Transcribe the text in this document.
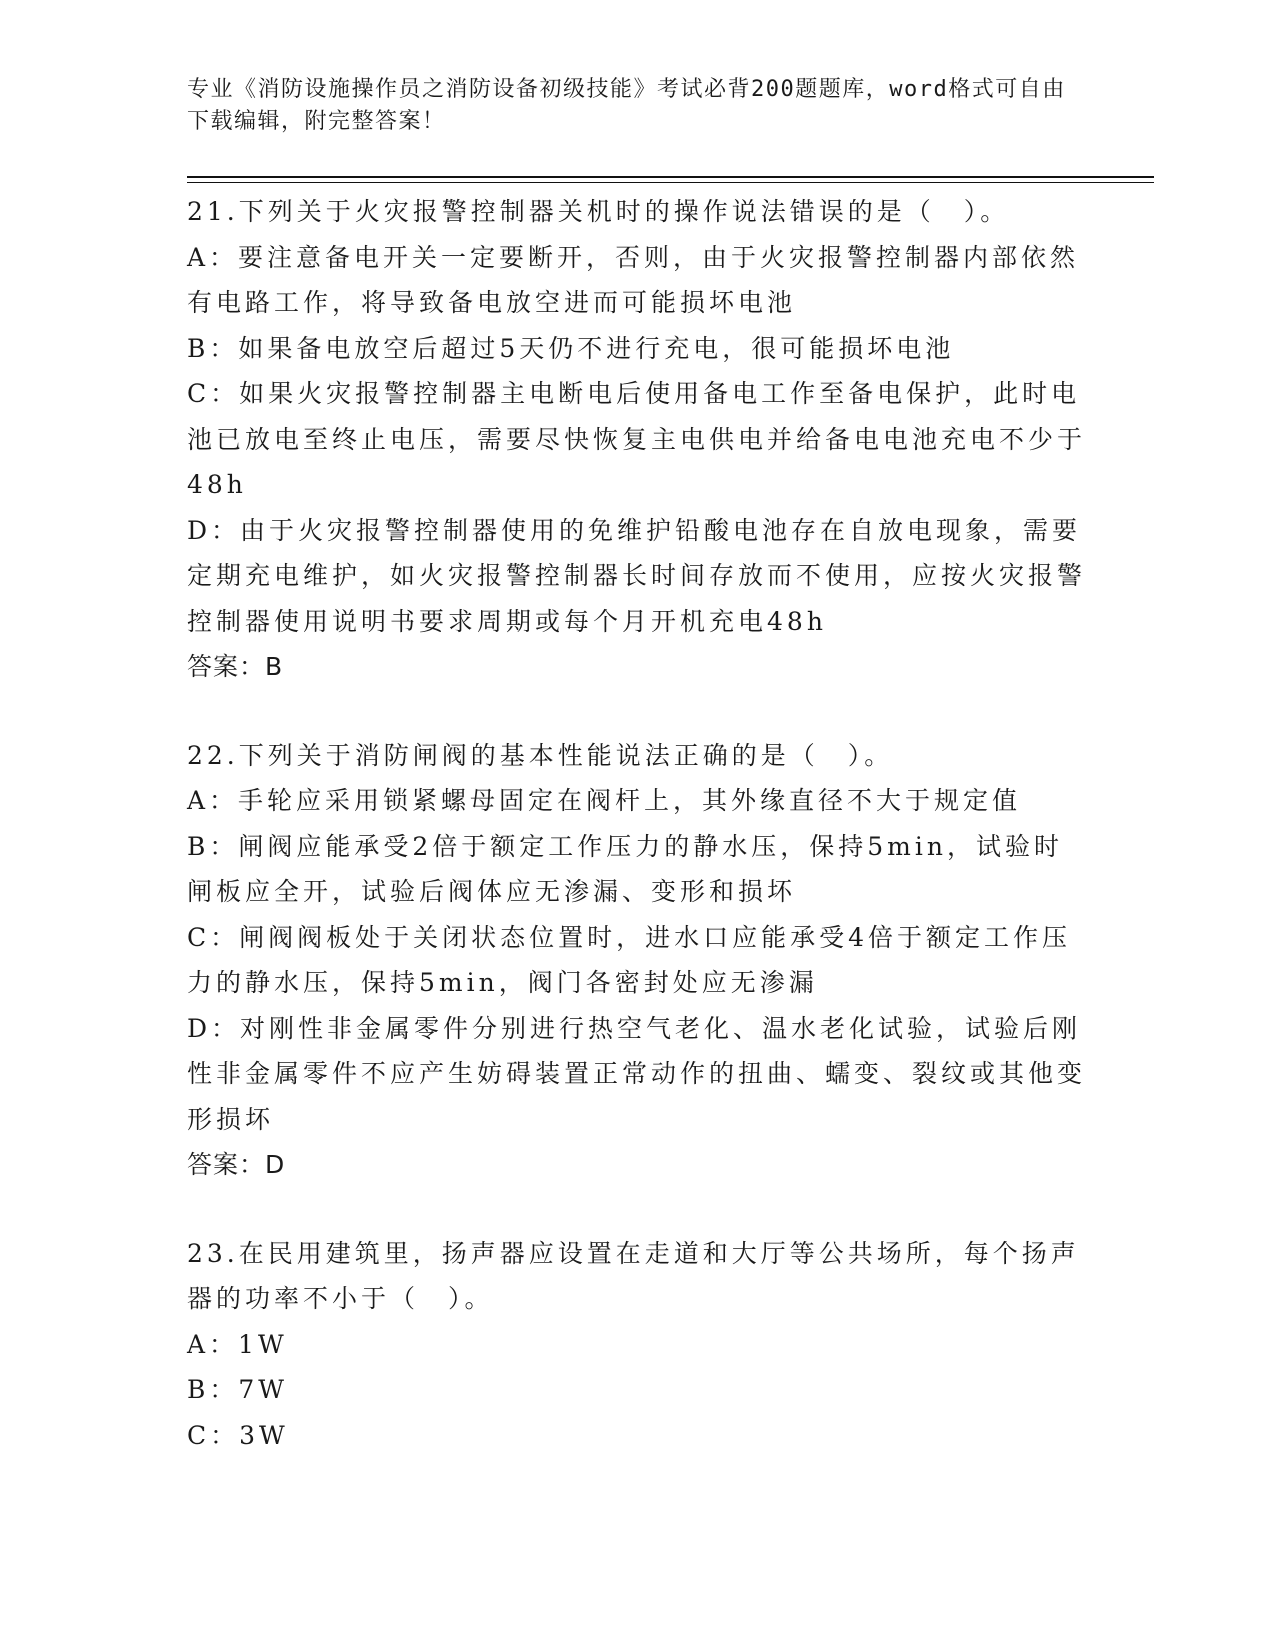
专业《消防设施操作员之消防设备初级技能》考试必背200题题库，word格式可自由下载编辑，附完整答案！
21.下列关于火灾报警控制器关机时的操作说法错误的是（　）。
A：要注意备电开关一定要断开，否则，由于火灾报警控制器内部依然有电路工作，将导致备电放空进而可能损坏电池
B：如果备电放空后超过5天仍不进行充电，很可能损坏电池
C：如果火灾报警控制器主电断电后使用备电工作至备电保护，此时电池已放电至终止电压，需要尽快恢复主电供电并给备电电池充电不少于48h
D：由于火灾报警控制器使用的免维护铅酸电池存在自放电现象，需要定期充电维护，如火灾报警控制器长时间存放而不使用，应按火灾报警控制器使用说明书要求周期或每个月开机充电48h
答案：B
22.下列关于消防闸阀的基本性能说法正确的是（　）。
A：手轮应采用锁紧螺母固定在阀杆上，其外缘直径不大于规定值
B：闸阀应能承受2倍于额定工作压力的静水压，保持5min，试验时闸板应全开，试验后阀体应无渗漏、变形和损坏
C：闸阀阀板处于关闭状态位置时，进水口应能承受4倍于额定工作压力的静水压，保持5min，阀门各密封处应无渗漏
D：对刚性非金属零件分别进行热空气老化、温水老化试验，试验后刚性非金属零件不应产生妨碍装置正常动作的扭曲、蠕变、裂纹或其他变形损坏
答案：D
23.在民用建筑里，扬声器应设置在走道和大厅等公共场所，每个扬声器的功率不小于（　）。
A：1W
B：7W
C：3W
